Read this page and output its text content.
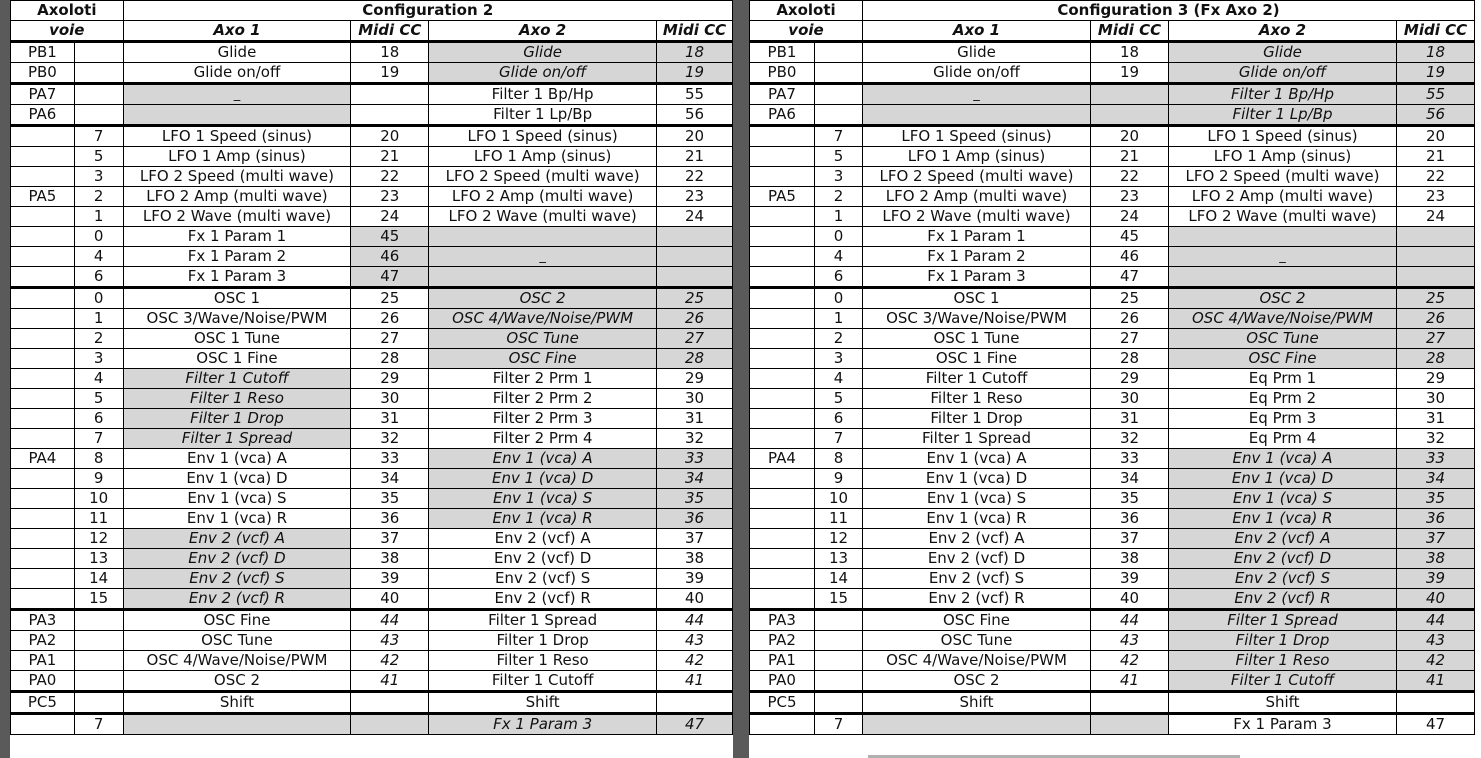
Axoloti		Configuration 2			
voie		Axo 1	Midi CC	Axo 2	Midi CC
PB1		Glide	18	Glide	18
PB0		Glide on/off	19	Glide on/off	19
PA7		_		Filter 1 Bp/Hp	55
PA6				Filter 1 Lp/Bp	56
	7	LFO 1 Speed (sinus)	20	LFO 1 Speed (sinus)	20
	5	LFO 1 Amp (sinus)	21	LFO 1 Amp (sinus)	21
	3	LFO 2 Speed (multi wave)	22	LFO 2 Speed (multi wave)	22
PA5	2	LFO 2 Amp (multi wave)	23	LFO 2 Amp (multi wave)	23
	1	LFO 2 Wave (multi wave)	24	LFO 2 Wave (multi wave)	24
	0	Fx 1 Param 1	45		
	4	Fx 1 Param 2	46	_	
	6	Fx 1 Param 3	47		
	0	OSC 1	25	OSC 2	25
	1	OSC 3/Wave/Noise/PWM	26	OSC 4/Wave/Noise/PWM	26
	2	OSC 1 Tune	27	OSC Tune	27
	3	OSC 1 Fine	28	OSC Fine	28
	4	Filter 1 Cutoff	29	Filter 2 Prm 1	29
	5	Filter 1 Reso	30	Filter 2 Prm 2	30
	6	Filter 1 Drop	31	Filter 2 Prm 3	31
	7	Filter 1 Spread	32	Filter 2 Prm 4	32
PA4	8	Env 1 (vca) A	33	Env 1 (vca) A	33
	9	Env 1 (vca) D	34	Env 1 (vca) D	34
	10	Env 1 (vca) S	35	Env 1 (vca) S	35
	11	Env 1 (vca) R	36	Env 1 (vca) R	36
	12	Env 2 (vcf) A	37	Env 2 (vcf) A	37
	13	Env 2 (vcf) D	38	Env 2 (vcf) D	38
	14	Env 2 (vcf) S	39	Env 2 (vcf) S	39
	15	Env 2 (vcf) R	40	Env 2 (vcf) R	40
PA3		OSC Fine	44	Filter 1 Spread	44
PA2		OSC Tune	43	Filter 1 Drop	43
PA1		OSC 4/Wave/Noise/PWM	42	Filter 1 Reso	42
PA0		OSC 2	41	Filter 1 Cutoff	41
PC5		Shift		Shift	
	7			Fx 1 Param 3	47
Axoloti		Configuration 3 (Fx Axo 2)			
voie		Axo 1	Midi CC	Axo 2	Midi CC
PB1		Glide	18	Glide	18
PB0		Glide on/off	19	Glide on/off	19
PA7		_		Filter 1 Bp/Hp	55
PA6				Filter 1 Lp/Bp	56
	7	LFO 1 Speed (sinus)	20	LFO 1 Speed (sinus)	20
	5	LFO 1 Amp (sinus)	21	LFO 1 Amp (sinus)	21
	3	LFO 2 Speed (multi wave)	22	LFO 2 Speed (multi wave)	22
PA5	2	LFO 2 Amp (multi wave)	23	LFO 2 Amp (multi wave)	23
	1	LFO 2 Wave (multi wave)	24	LFO 2 Wave (multi wave)	24
	0	Fx 1 Param 1	45		
	4	Fx 1 Param 2	46	_	
	6	Fx 1 Param 3	47		
	0	OSC 1	25	OSC 2	25
	1	OSC 3/Wave/Noise/PWM	26	OSC 4/Wave/Noise/PWM	26
	2	OSC 1 Tune	27	OSC Tune	27
	3	OSC 1 Fine	28	OSC Fine	28
	4	Filter 1 Cutoff	29	Eq Prm 1	29
	5	Filter 1 Reso	30	Eq Prm 2	30
	6	Filter 1 Drop	31	Eq Prm 3	31
	7	Filter 1 Spread	32	Eq Prm 4	32
PA4	8	Env 1 (vca) A	33	Env 1 (vca) A	33
	9	Env 1 (vca) D	34	Env 1 (vca) D	34
	10	Env 1 (vca) S	35	Env 1 (vca) S	35
	11	Env 1 (vca) R	36	Env 1 (vca) R	36
	12	Env 2 (vcf) A	37	Env 2 (vcf) A	37
	13	Env 2 (vcf) D	38	Env 2 (vcf) D	38
	14	Env 2 (vcf) S	39	Env 2 (vcf) S	39
	15	Env 2 (vcf) R	40	Env 2 (vcf) R	40
PA3		OSC Fine	44	Filter 1 Spread	44
PA2		OSC Tune	43	Filter 1 Drop	43
PA1		OSC 4/Wave/Noise/PWM	42	Filter 1 Reso	42
PA0		OSC 2	41	Filter 1 Cutoff	41
PC5		Shift		Shift	
	7			Fx 1 Param 3	47
